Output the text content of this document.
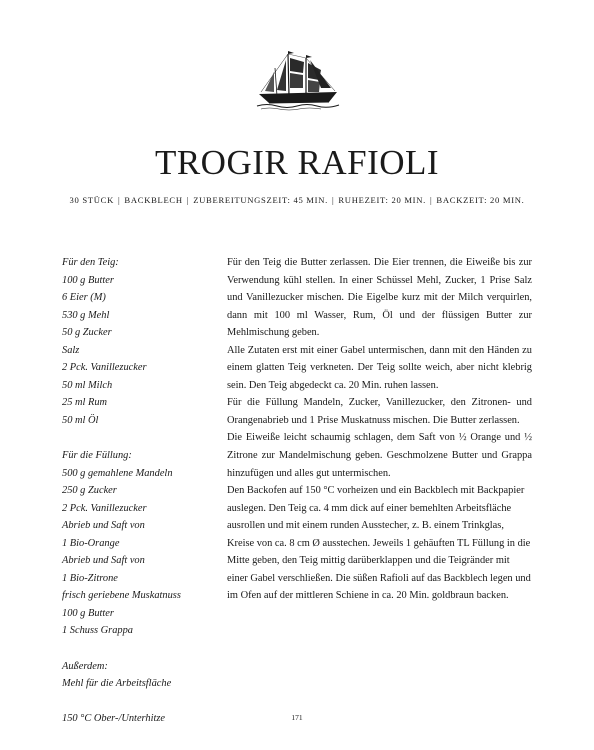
TROGIR RAFIOLI
30 STÜCK | BACKBLECH | ZUBEREITUNGSZEIT: 45 MIN. | RUHEZEIT: 20 MIN. | BACKZEIT: 20 MIN.
Für den Teig:
100 g Butter
6 Eier (M)
530 g Mehl
50 g Zucker
Salz
2 Pck. Vanillezucker
50 ml Milch
25 ml Rum
50 ml Öl
Für die Füllung:
500 g gemahlene Mandeln
250 g Zucker
2 Pck. Vanillezucker
Abrieb und Saft von
1 Bio-Orange
Abrieb und Saft von
1 Bio-Zitrone
frisch geriebene Muskatnuss
100 g Butter
1 Schuss Grappa
Außerdem:
Mehl für die Arbeitsfläche
150 °C Ober-/Unterhitze

Für den Teig die Butter zerlassen. Die Eier trennen, die Eiweiße bis zur Verwendung kühl stellen. In einer Schüssel Mehl, Zucker, 1 Prise Salz und Vanillezucker mischen. Die Eigelbe kurz mit der Milch verquirlen, dann mit 100 ml Wasser, Rum, Öl und der flüssigen Butter zur Mehlmischung geben.

Alle Zutaten erst mit einer Gabel untermischen, dann mit den Händen zu einem glatten Teig verkneten. Der Teig sollte weich, aber nicht klebrig sein. Den Teig abgedeckt ca. 20 Min. ruhen lassen.

Für die Füllung Mandeln, Zucker, Vanillezucker, den Zitronen- und Orangenabrieb und 1 Prise Muskatnuss mischen. Die Butter zerlassen.

Die Eiweiße leicht schaumig schlagen, dem Saft von ½ Orange und ½ Zitrone zur Mandelmischung geben. Geschmolzene Butter und Grappa hinzufügen und alles gut untermischen.

Den Backofen auf 150 °C vorheizen und ein Backblech mit Backpapier auslegen. Den Teig ca. 4 mm dick auf einer bemehlten Arbeitsfläche ausrollen und mit einem runden Ausstecher, z. B. einem Trinkglas, Kreise von ca. 8 cm Ø ausstechen. Jeweils 1 gehäuften TL Füllung in die Mitte geben, den Teig mittig darüberklappen und die Teigränder mit einer Gabel verschließen. Die süßen Rafioli auf das Backblech legen und im Ofen auf der mittleren Schiene in ca. 20 Min. goldbraun backen.

171
